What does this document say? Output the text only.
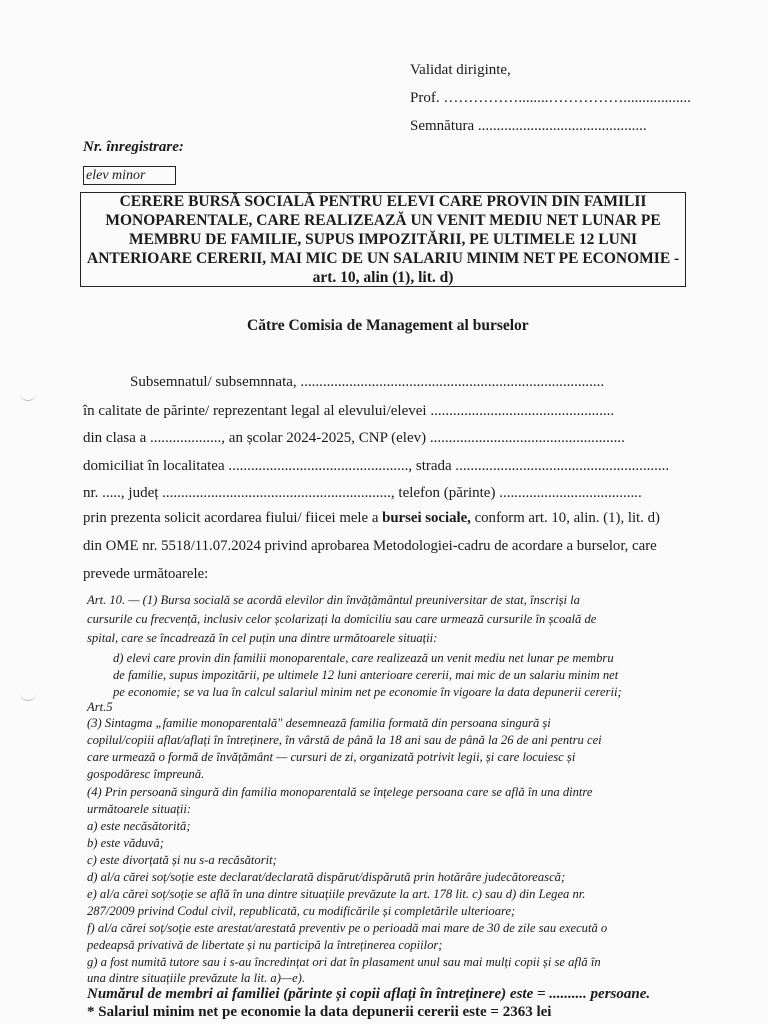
Validat diriginte,
Prof. ……………........……………..................
Semnătura .............................................
Nr. înregistrare:
elev minor
CERERE BURSĂ SOCIALĂ PENTRU ELEVI CARE PROVIN DIN FAMILII
MONOPARENTALE, CARE REALIZEAZĂ UN VENIT MEDIU NET LUNAR PE
MEMBRU DE FAMILIE, SUPUS IMPOZITĂRII, PE ULTIMELE 12 LUNI
ANTERIOARE CERERII, MAI MIC DE UN SALARIU MINIM NET PE ECONOMIE -
art. 10, alin (1), lit. d)
Către Comisia de Management al burselor
Subsemnatul/ subsemnnata, .................................................................................
în calitate de părinte/ reprezentant legal al elevului/elevei .................................................
din clasa a ..................., an școlar 2024-2025, CNP (elev) ....................................................
domiciliat în localitatea ................................................, strada .........................................................
nr. ....., județ ............................................................., telefon (părinte) ......................................
prin prezenta solicit acordarea fiului/ fiicei mele a bursei sociale, conform art. 10, alin. (1), lit. d)
din OME nr. 5518/11.07.2024 privind aprobarea Metodologiei-cadru de acordare a burselor, care
prevede următoarele:
Art. 10. — (1) Bursa socială se acordă elevilor din învățământul preuniversitar de stat, înscriși la
cursurile cu frecvență, inclusiv celor școlarizați la domiciliu sau care urmează cursurile în școală de
spital, care se încadrează în cel puțin una dintre următoarele situații:
d) elevi care provin din familii monoparentale, care realizează un venit mediu net lunar pe membru
de familie, supus impozitării, pe ultimele 12 luni anterioare cererii, mai mic de un salariu minim net
pe economie; se va lua în calcul salariul minim net pe economie în vigoare la data depunerii cererii;
Art.5
(3) Sintagma „familie monoparentală" desemnează familia formată din persoana singură și
copilul/copiii aflat/aflați în întreținere, în vârstă de până la 18 ani sau de până la 26 de ani pentru cei
care urmează o formă de învățământ — cursuri de zi, organizată potrivit legii, și care locuiesc și
gospodăresc împreună.
(4) Prin persoană singură din familia monoparentală se înțelege persoana care se află în una dintre
următoarele situații:
a) este necăsătorită;
b) este văduvă;
c) este divorțată și nu s-a recăsătorit;
d) al/a cărei soț/soție este declarat/declarată dispărut/dispărută prin hotărâre judecătorească;
e) al/a cărei soț/soție se află în una dintre situațiile prevăzute la art. 178 lit. c) sau d) din Legea nr.
287/2009 privind Codul civil, republicată, cu modificările și completările ulterioare;
f) al/a cărei soț/soție este arestat/arestată preventiv pe o perioadă mai mare de 30 de zile sau execută o
pedeapsă privativă de libertate și nu participă la întreținerea copiilor;
g) a fost numită tutore sau i s-au încredințat ori dat în plasament unul sau mai mulți copii și se află în
una dintre situațiile prevăzute la lit. a)—e).
Numărul de membri ai familiei (părinte și copii aflați în întreținere) este = .......... persoane.
* Salariul minim net pe economie la data depunerii cererii este = 2363 lei
